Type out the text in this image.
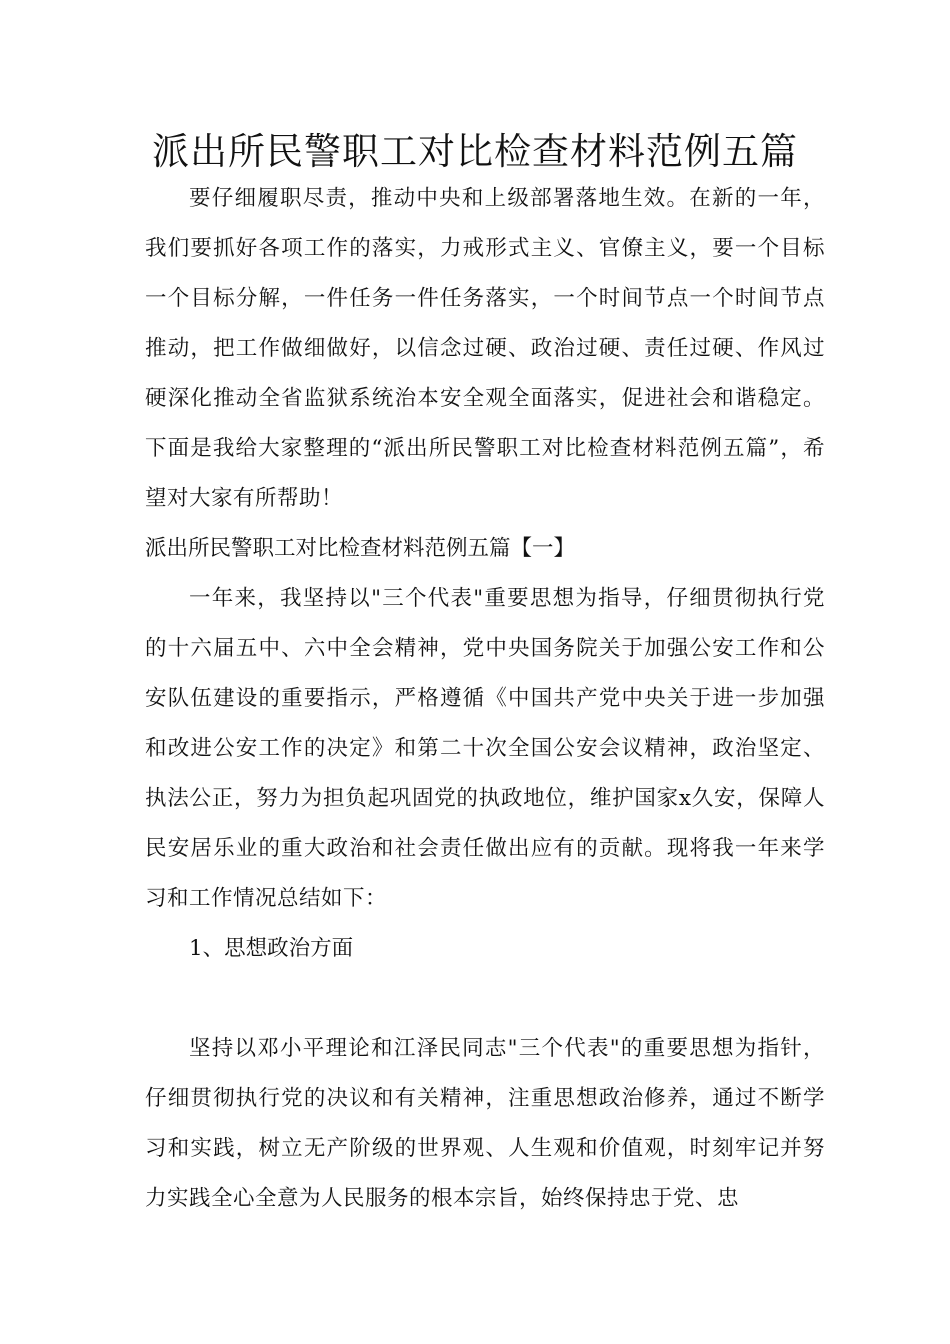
派出所民警职工对比检查材料范例五篇

要仔细履职尽责，推动中央和上级部署落地生效。在新的一年，我们要抓好各项工作的落实，力戒形式主义、官僚主义，要一个目标一个目标分解，一件任务一件任务落实，一个时间节点一个时间节点推动，把工作做细做好，以信念过硬、政治过硬、责任过硬、作风过硬深化推动全省监狱系统治本安全观全面落实，促进社会和谐稳定。下面是我给大家整理的“派出所民警职工对比检查材料范例五篇”，希望对大家有所帮助！

派出所民警职工对比检查材料范例五篇【一】

一年来，我坚持以"三个代表"重要思想为指导，仔细贯彻执行党的十六届五中、六中全会精神，党中央国务院关于加强公安工作和公安队伍建设的重要指示，严格遵循《中国共产党中央关于进一步加强和改进公安工作的决定》和第二十次全国公安会议精神，政治坚定、执法公正，努力为担负起巩固党的执政地位，维护国家x久安，保障人民安居乐业的重大政治和社会责任做出应有的贡献。现将我一年来学习和工作情况总结如下：

1、思想政治方面

坚持以邓小平理论和江泽民同志"三个代表"的重要思想为指针，仔细贯彻执行党的决议和有关精神，注重思想政治修养，通过不断学习和实践，树立无产阶级的世界观、人生观和价值观，时刻牢记并努力实践全心全意为人民服务的根本宗旨，始终保持忠于党、忠
